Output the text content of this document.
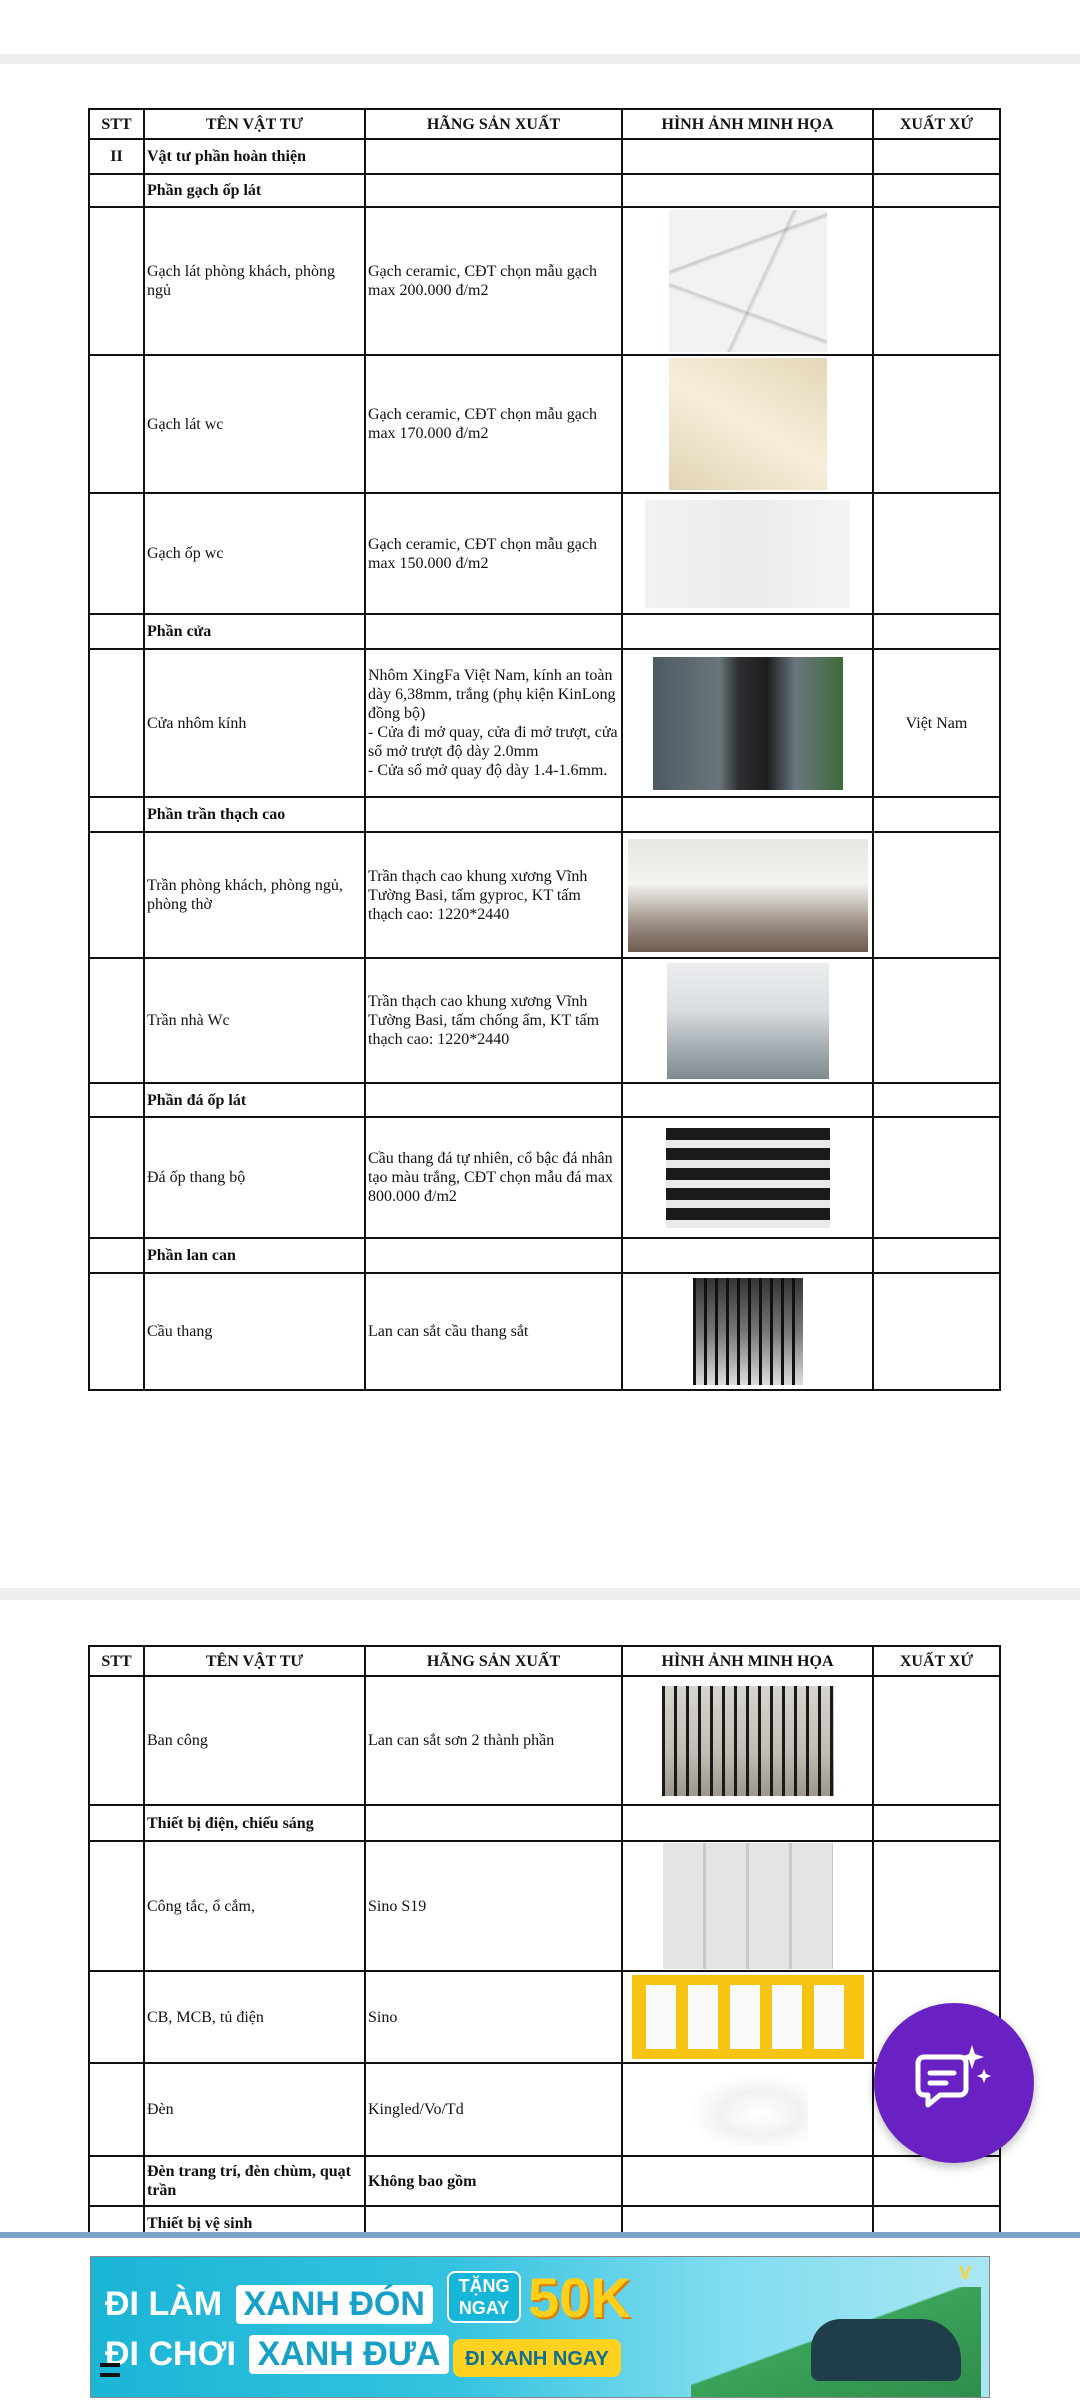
STT	TÊN VẬT TƯ	HÃNG SẢN XUẤT	HÌNH ẢNH MINH HỌA	XUẤT XỨ
II	Vật tư phần hoàn thiện			
	Phần gạch ốp lát			
	Gạch lát phòng khách, phòng ngủ	Gạch ceramic, CĐT chọn mẫu gạch max 200.000 đ/m2		
	Gạch lát wc	Gạch ceramic, CĐT chọn mẫu gạch max 170.000 đ/m2		
	Gạch ốp wc	Gạch ceramic, CĐT chọn mẫu gạch max 150.000 đ/m2		
	Phần cửa			
	Cửa nhôm kính	Nhôm XingFa Việt Nam, kính an toàn dày 6,38mm, trắng (phụ kiện KinLong đồng bộ)
- Cửa đi mở quay, cửa đi mở trượt, cửa sổ mở trượt độ dày 2.0mm
- Cửa sổ mở quay độ dày 1.4-1.6mm.		Việt Nam
	Phần trần thạch cao			
	Trần phòng khách, phòng ngủ, phòng thờ	Trần thạch cao khung xương Vĩnh Tường Basi, tấm gyproc, KT tấm thạch cao: 1220*2440		
	Trần nhà Wc	Trần thạch cao khung xương Vĩnh Tường Basi, tấm chống ẩm, KT tấm thạch cao: 1220*2440		
	Phần đá ốp lát			
	Đá ốp thang bộ	Cầu thang đá tự nhiên, cổ bậc đá nhân tạo màu trắng, CĐT chọn mẫu đá max 800.000 đ/m2		
	Phần lan can			
	Cầu thang	Lan can sắt cầu thang sắt		
STT	TÊN VẬT TƯ	HÃNG SẢN XUẤT	HÌNH ẢNH MINH HỌA	XUẤT XỨ
	Ban công	Lan can sắt sơn 2 thành phần		
	Thiết bị điện, chiếu sáng			
	Công tắc, ổ cắm,	Sino S19		
	CB, MCB, tủ điện	Sino		
	Đèn	Kingled/Vo/Td		
	Đèn trang trí, đèn chùm, quạt trần	Không bao gồm		
	Thiết bị vệ sinh			
ĐI LÀM XANH ĐÓN
ĐI CHƠI XANH ĐƯA
TẶNG NGAY 50K
ĐI XANH NGAY
V
